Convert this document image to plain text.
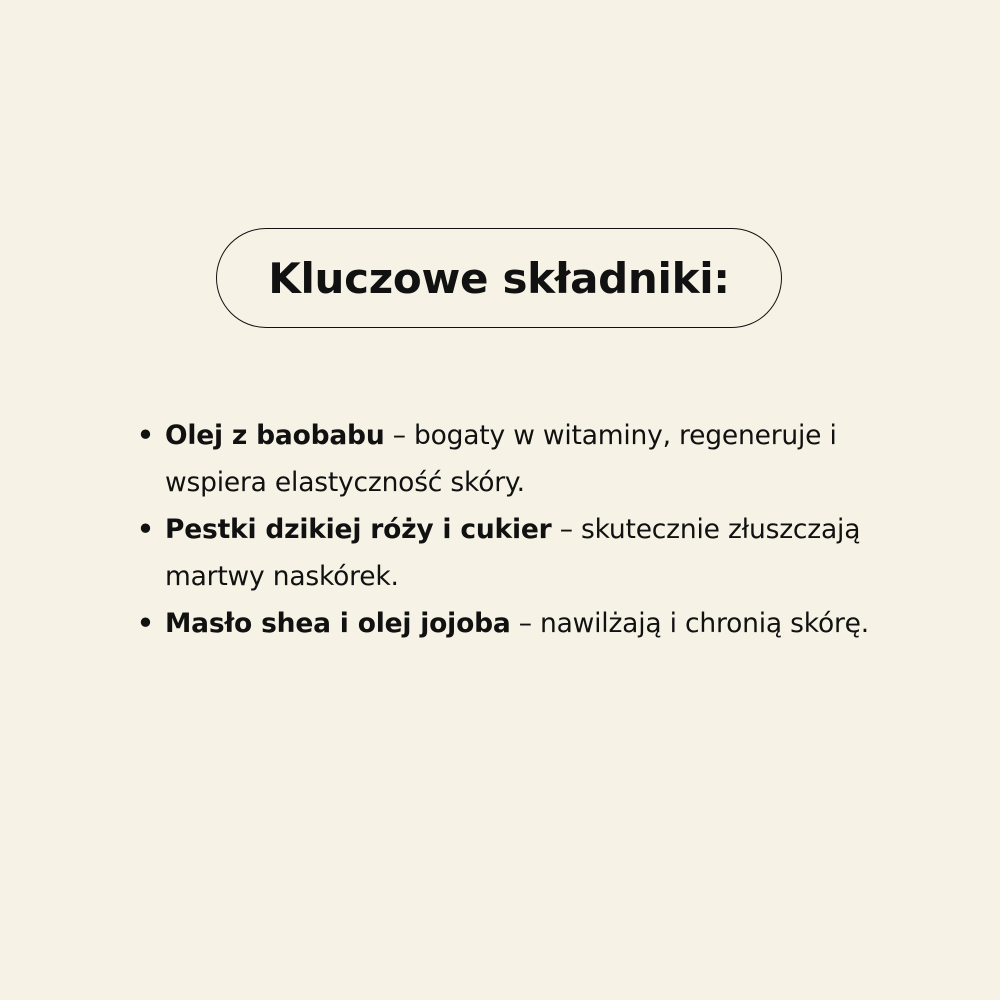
Kluczowe składniki:
• Olej z baobabu – bogaty w witaminy, regeneruje i wspiera elastyczność skóry.
• Pestki dzikiej róży i cukier – skutecznie złuszczają martwy naskórek.
• Masło shea i olej jojoba – nawilżają i chronią skórę.
